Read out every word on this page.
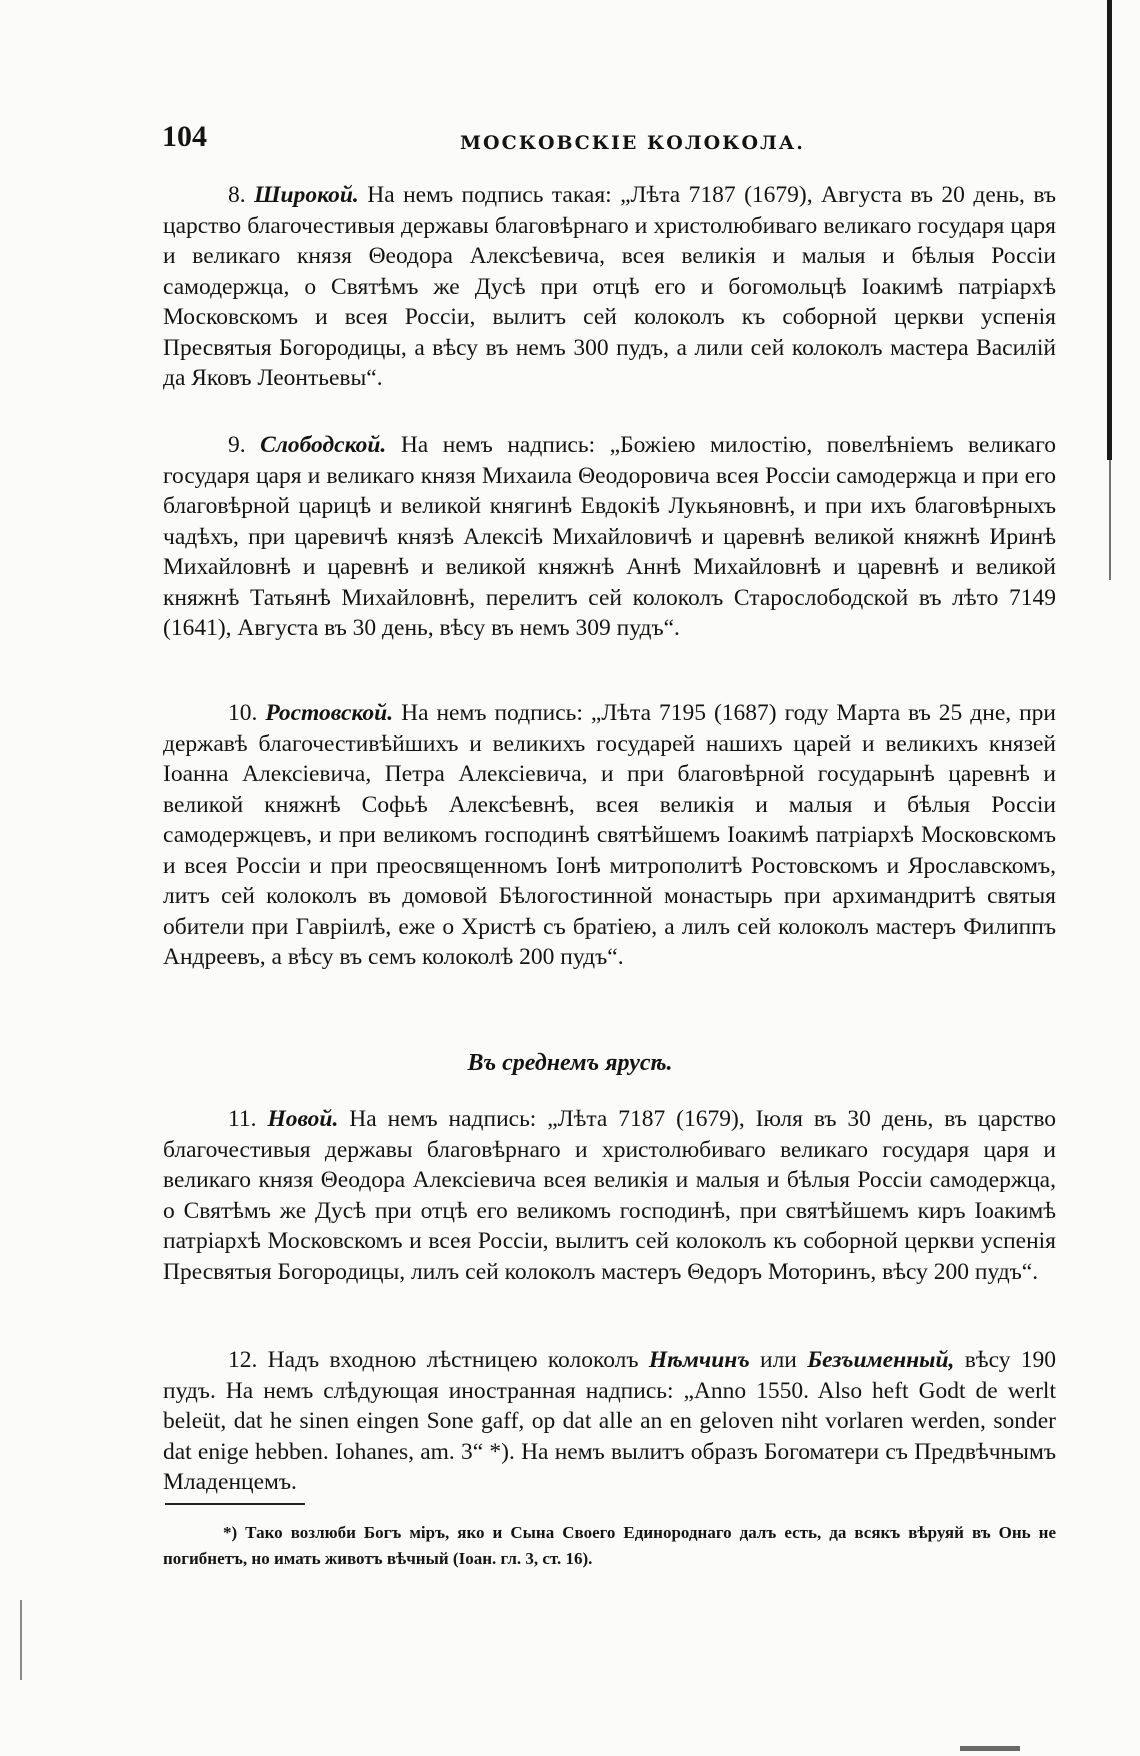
104	МОСКОВСКІЕ КОЛОКОЛА.

8. Широкой. На немъ подпись такая: „Лѣта 7187 (1679), Августа въ 20 день, въ царство благочестивыя державы благовѣрнаго и христолюбиваго великаго государя царя и великаго князя Θеодора Алексѣевича, всея великія и малыя и бѣлыя Россіи самодержца, о Святѣмъ же Дусѣ при отцѣ его и богомольцѣ Іоакимѣ патріархѣ Московскомъ и всея Россіи, вылитъ сей колоколъ къ соборной церкви успенія Пресвятыя Богородицы, а вѣсу въ немъ 300 пудъ, а лили сей колоколъ мастера Василій да Яковъ Леонтьевы“.

9. Слободской. На немъ надпись: „Божіею милостію, повелѣніемъ великаго государя царя и великаго князя Михаила Θеодоровича всея Россіи самодержца и при его благовѣрной царицѣ и великой княгинѣ Евдокіѣ Лукьяновнѣ, и при ихъ благовѣрныхъ чадѣхъ, при царевичѣ князѣ Алексіѣ Михайловичѣ и царевнѣ великой княжнѣ Иринѣ Михайловнѣ и царевнѣ и великой княжнѣ Аннѣ Михайловнѣ и царевнѣ и великой княжнѣ Татьянѣ Михайловнѣ, перелитъ сей колоколъ Старослободской въ лѣто 7149 (1641), Августа въ 30 день, вѣсу въ немъ 309 пудъ“.

10. Ростовской. На немъ подпись: „Лѣта 7195 (1687) году Марта въ 25 дне, при державѣ благочестивѣйшихъ и великихъ государей нашихъ царей и великихъ князей Іоанна Алексіевича, Петра Алексіевича, и при благовѣрной государынѣ царевнѣ и великой княжнѣ Софьѣ Алексѣевнѣ, всея великія и малыя и бѣлыя Россіи самодержцевъ, и при великомъ господинѣ святѣйшемъ Іоакимѣ патріархѣ Московскомъ и всея Россіи и при преосвященномъ Іонѣ митрополитѣ Ростовскомъ и Ярославскомъ, литъ сей колоколъ въ домовой Бѣлогостинной монастырь при архимандритѣ святыя обители при Гавріилѣ, еже о Христѣ съ братіею, а лилъ сей колоколъ мастеръ Филиппъ Андреевъ, а вѣсу въ семъ колоколѣ 200 пудъ“.

Въ среднемъ ярусѣ.

11. Новой. На немъ надпись: „Лѣта 7187 (1679), Іюля въ 30 день, въ царство благочестивыя державы благовѣрнаго и христолюбиваго великаго государя царя и великаго князя Θеодора Алексіевича всея великія и малыя и бѣлыя Россіи самодержца, о Святѣмъ же Дусѣ при отцѣ его великомъ господинѣ, при святѣйшемъ киръ Іоакимѣ патріархѣ Московскомъ и всея Россіи, вылитъ сей колоколъ къ соборной церкви успенія Пресвятыя Богородицы, лилъ сей колоколъ мастеръ Θедоръ Моторинъ, вѣсу 200 пудъ“.

12. Надъ входною лѣстницею колоколъ Нѣмчинъ или Безъименный, вѣсу 190 пудъ. На немъ слѣдующая иностранная надпись: „Anno 1550. Also heft Godt de werlt beleüt, dat he sinen eingen Sone gaff, op dat alle an en geloven niht vorlaren werden, sonder dat enige hebben. Iohanes, am. 3“ *). На немъ вылитъ образъ Богоматери съ Предвѣчнымъ Младенцемъ.

*) Тако возлюби Богъ міръ, яко и Сына Своего Единороднаго далъ есть, да всякъ вѣруяй въ Онь не погибнетъ, но имать животъ вѣчный (Іоан. гл. 3, ст. 16).
